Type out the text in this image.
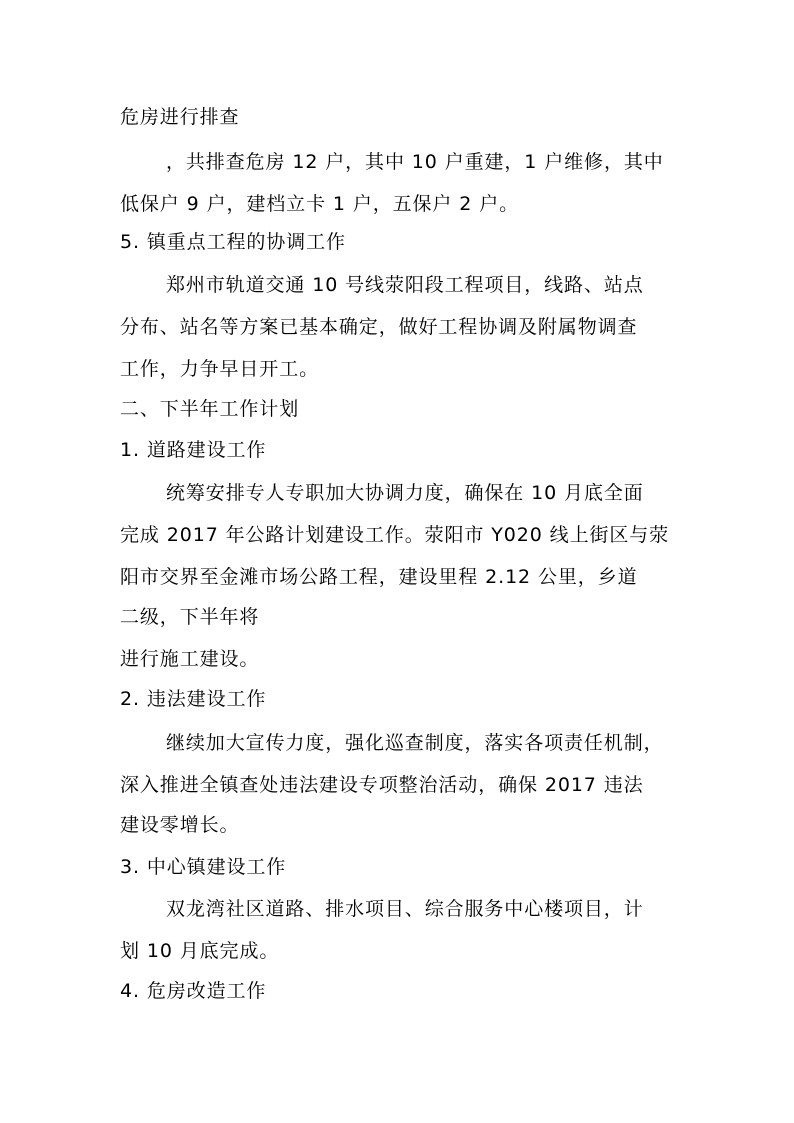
危房进行排查
，共排查危房 12 户，其中 10 户重建，1 户维修，其中
低保户 9 户，建档立卡 1 户，五保户 2 户。
5. 镇重点工程的协调工作
郑州市轨道交通 10 号线荥阳段工程项目，线路、站点
分布、站名等方案已基本确定，做好工程协调及附属物调查
工作，力争早日开工。
二、下半年工作计划
1. 道路建设工作
统筹安排专人专职加大协调力度，确保在 10 月底全面
完成 2017 年公路计划建设工作。荥阳市 Y020 线上街区与荥
阳市交界至金滩市场公路工程，建设里程 2.12 公里，乡道
二级，下半年将
进行施工建设。
2. 违法建设工作
继续加大宣传力度，强化巡查制度，落实各项责任机制，
深入推进全镇查处违法建设专项整治活动，确保 2017 违法
建设零增长。
3. 中心镇建设工作
双龙湾社区道路、排水项目、综合服务中心楼项目，计
划 10 月底完成。
4. 危房改造工作
